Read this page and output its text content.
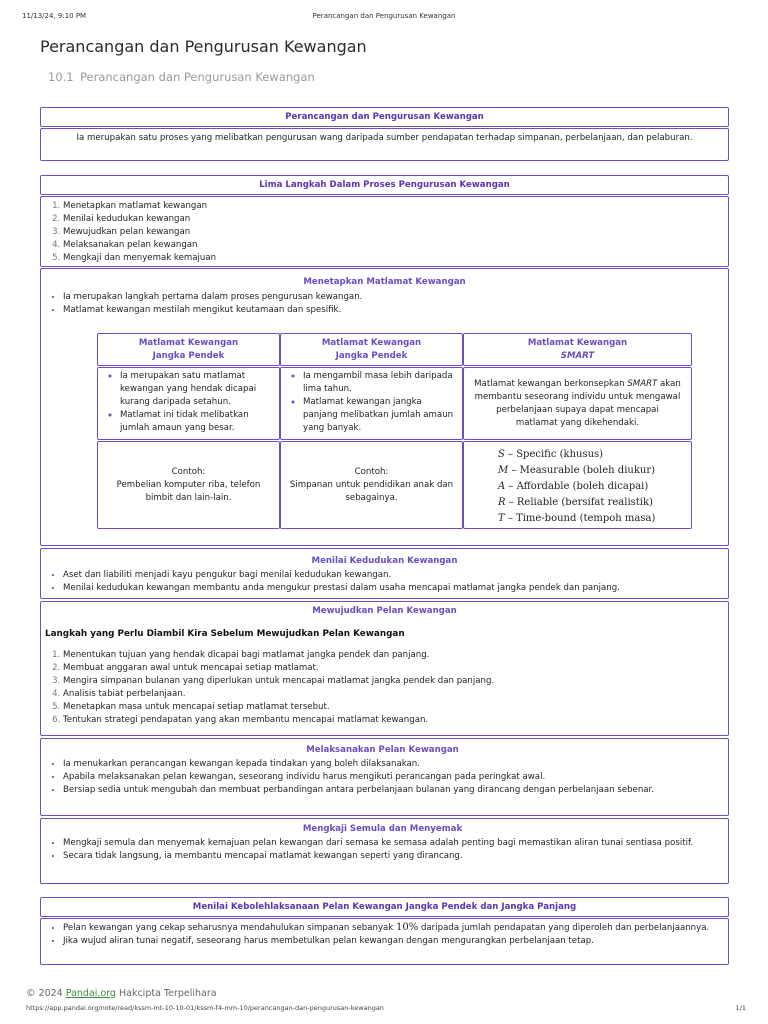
11/13/24, 9:10 PM	Perancangan dan Pengurusan Kewangan
Perancangan dan Pengurusan Kewangan
10.1 Perancangan dan Pengurusan Kewangan
Perancangan dan Pengurusan Kewangan
Ia merupakan satu proses yang melibatkan pengurusan wang daripada sumber pendapatan terhadap simpanan, perbelanjaan, dan pelaburan.
Lima Langkah Dalam Proses Pengurusan Kewangan
1. Menetapkan matlamat kewangan
2. Menilai kedudukan kewangan
3. Mewujudkan pelan kewangan
4. Melaksanakan pelan kewangan
5. Mengkaji dan menyemak kemajuan
Menetapkan Matlamat Kewangan
• Ia merupakan langkah pertama dalam proses pengurusan kewangan.
• Matlamat kewangan mestilah mengikut keutamaan dan spesifik.
Matlamat Kewangan
Jangka Pendek
Matlamat Kewangan
Jangka Pendek
Matlamat Kewangan
SMART
◦ Ia merupakan satu matlamat kewangan yang hendak dicapai kurang daripada setahun.
◦ Matlamat ini tidak melibatkan jumlah amaun yang besar.
◦ Ia mengambil masa lebih daripada lima tahun.
◦ Matlamat kewangan jangka panjang melibatkan jumlah amaun yang banyak.
Matlamat kewangan berkonsepkan SMART akan membantu seseorang individu untuk mengawal perbelanjaan supaya dapat mencapai matlamat yang dikehendaki.
Contoh:
Pembelian komputer riba, telefon bimbit dan lain-lain.
Contoh:
Simpanan untuk pendidikan anak dan sebagainya.
S – Specific (khusus)
M – Measurable (boleh diukur)
A – Affordable (boleh dicapai)
R – Reliable (bersifat realistik)
T – Time-bound (tempoh masa)
Menilai Kedudukan Kewangan
• Aset dan liabiliti menjadi kayu pengukur bagi menilai kedudukan kewangan.
• Menilai kedudukan kewangan membantu anda mengukur prestasi dalam usaha mencapai matlamat jangka pendek dan panjang.
Mewujudkan Pelan Kewangan
Langkah yang Perlu Diambil Kira Sebelum Mewujudkan Pelan Kewangan
1. Menentukan tujuan yang hendak dicapai bagi matlamat jangka pendek dan panjang.
2. Membuat anggaran awal untuk mencapai setiap matlamat.
3. Mengira simpanan bulanan yang diperlukan untuk mencapai matlamat jangka pendek dan panjang.
4. Analisis tabiat perbelanjaan.
5. Menetapkan masa untuk mencapai setiap matlamat tersebut.
6. Tentukan strategi pendapatan yang akan membantu mencapai matlamat kewangan.
Melaksanakan Pelan Kewangan
• Ia menukarkan perancangan kewangan kepada tindakan yang boleh dilaksanakan.
• Apabila melaksanakan pelan kewangan, seseorang individu harus mengikuti perancangan pada peringkat awal.
• Bersiap sedia untuk mengubah dan membuat perbandingan antara perbelanjaan bulanan yang dirancang dengan perbelanjaan sebenar.
Mengkaji Semula dan Menyemak
• Mengkaji semula dan menyemak kemajuan pelan kewangan dari semasa ke semasa adalah penting bagi memastikan aliran tunai sentiasa positif.
• Secara tidak langsung, ia membantu mencapai matlamat kewangan seperti yang dirancang.
Menilai Kebolehlaksanaan Pelan Kewangan Jangka Pendek dan Jangka Panjang
• Pelan kewangan yang cekap seharusnya mendahulukan simpanan sebanyak 10% daripada jumlah pendapatan yang diperoleh dan perbelanjaannya.
• Jika wujud aliran tunai negatif, seseorang harus membetulkan pelan kewangan dengan mengurangkan perbelanjaan tetap.
© 2024 Pandai.org Hakcipta Terpelihara
https://app.pandai.org/note/read/kssm-mt-10-10-01/kssm-f4-mm-10/perancangan-dan-pengurusan-kewangan	1/1
